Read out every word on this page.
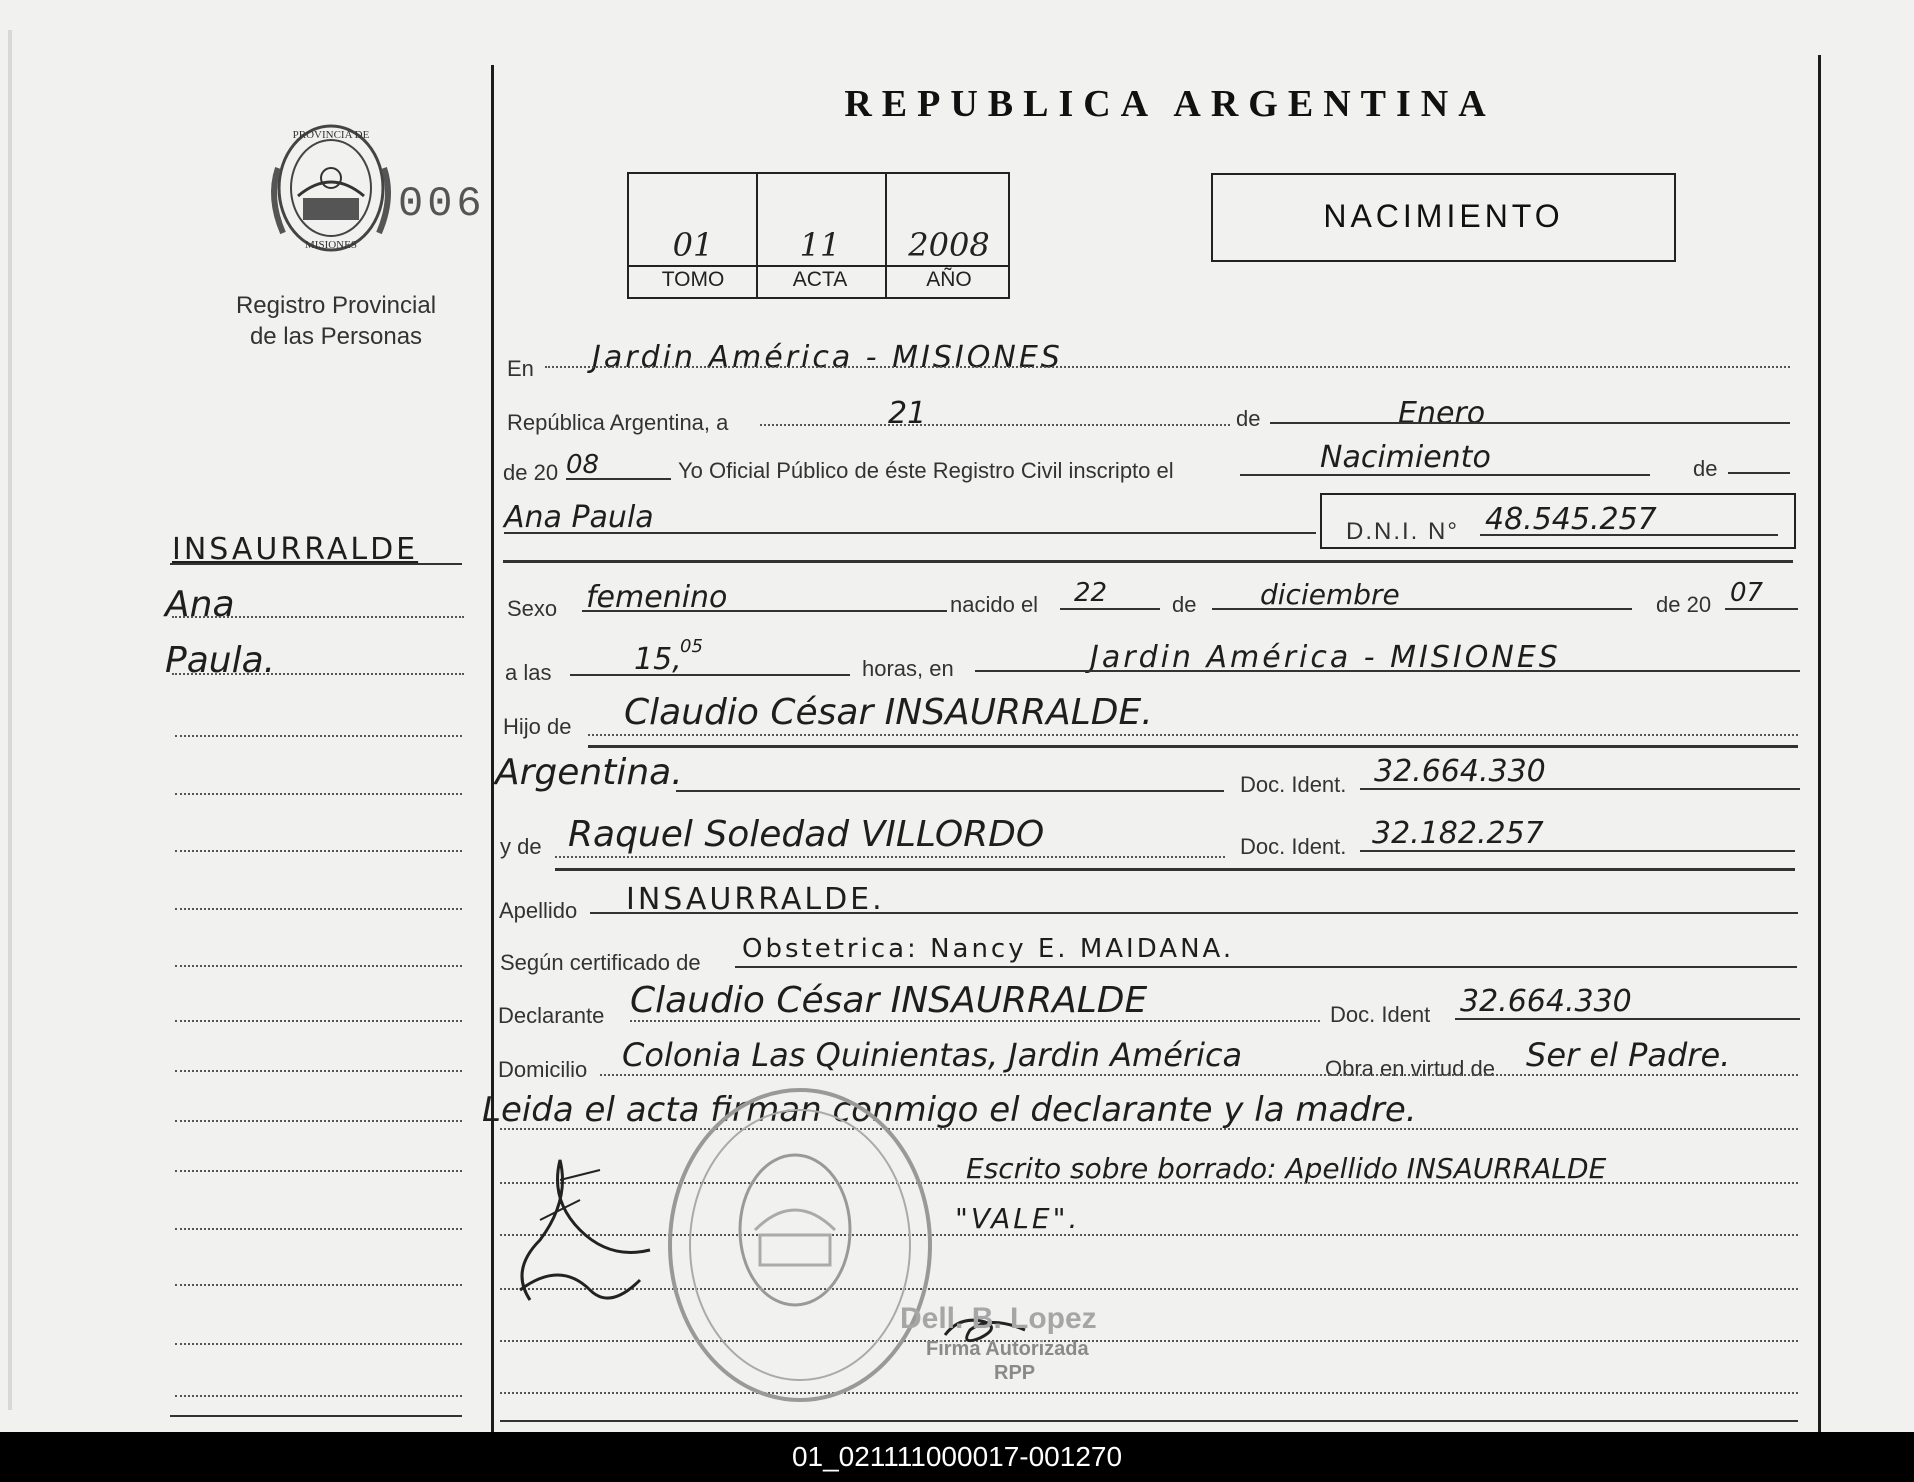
PROVINCIA DE
MISIONES
006
Registro Provincial
de las Personas
REPUBLICA ARGENTINA
01	11	2008
TOMO	ACTA	AÑO
NACIMIENTO
INSAURRALDE
Ana
Paula.
En Jardin América - MISIONES
República Argentina, a	21	de	Enero
de 20 08	Yo Oficial Público de éste Registro Civil inscripto el	Nacimiento	de
Ana Paula	D.N.I. N° 48.545.257
Sexo femenino	nacido el 22	de diciembre	de 20 07
a las	15,
05
horas, en	Jardin América - MISIONES
Hijo de Claudio César INSAURRALDE.
Argentina.	Doc. Ident. 32.664.330
y de Raquel Soledad VILLORDO	Doc. Ident. 32.182.257
Apellido INSAURRALDE.
Según certificado de Obstetrica: Nancy E. MAIDANA.
Declarante Claudio César INSAURRALDE	Doc. Ident 32.664.330
Domicilio Colonia Las Quinientas, Jardin América	Obra en virtud de Ser el Padre.
Leida el acta firman conmigo el declarante y la madre.
Escrito sobre borrado: Apellido INSAURRALDE
"VALE".
Dell. B. Lopez
Firma Autorizada
RPP
01_021111000017-001270
